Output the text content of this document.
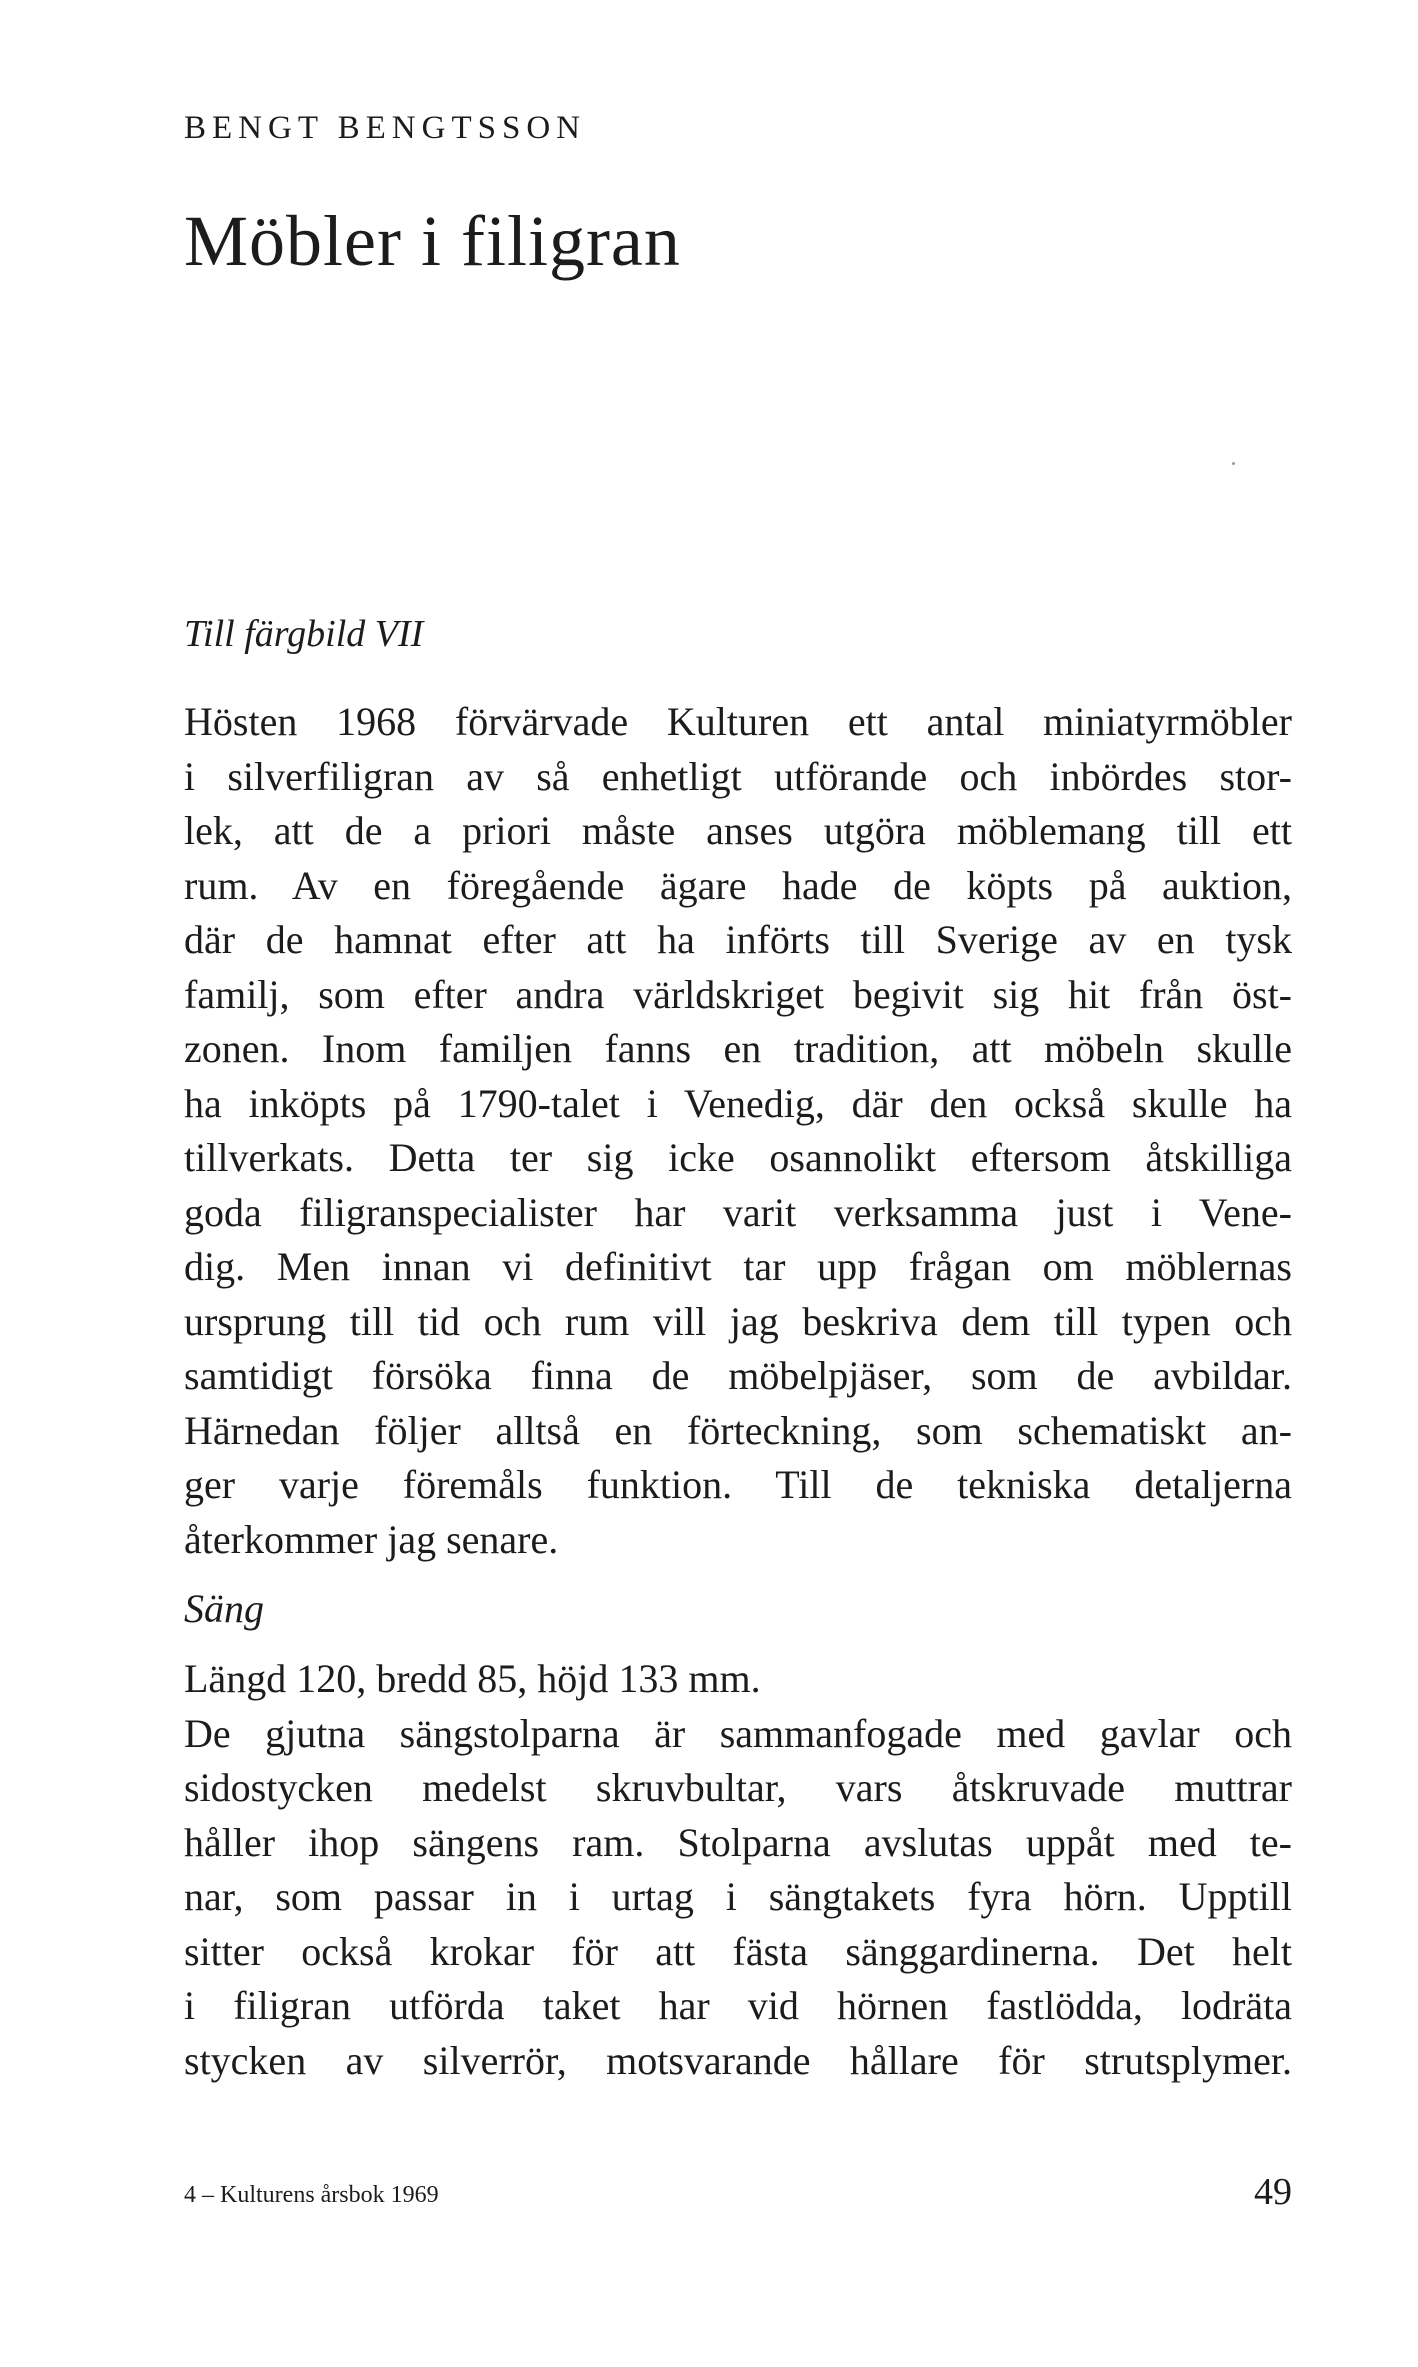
BENGT BENGTSSON
Möbler i filigran
Till färgbild VII
Hösten 1968 förvärvade Kulturen ett antal miniatyrmöbler
i silverfiligran av så enhetligt utförande och inbördes stor-
lek, att de a priori måste anses utgöra möblemang till ett
rum. Av en föregående ägare hade de köpts på auktion,
där de hamnat efter att ha införts till Sverige av en tysk
familj, som efter andra världskriget begivit sig hit från öst-
zonen. Inom familjen fanns en tradition, att möbeln skulle
ha inköpts på 1790-talet i Venedig, där den också skulle ha
tillverkats. Detta ter sig icke osannolikt eftersom åtskilliga
goda filigranspecialister har varit verksamma just i Vene-
dig. Men innan vi definitivt tar upp frågan om möblernas
ursprung till tid och rum vill jag beskriva dem till typen och
samtidigt försöka finna de möbelpjäser, som de avbildar.
Härnedan följer alltså en förteckning, som schematiskt an-
ger varje föremåls funktion. Till de tekniska detaljerna
återkommer jag senare.
Säng
Längd 120, bredd 85, höjd 133 mm.
De gjutna sängstolparna är sammanfogade med gavlar och
sidostycken medelst skruvbultar, vars åtskruvade muttrar
håller ihop sängens ram. Stolparna avslutas uppåt med te-
nar, som passar in i urtag i sängtakets fyra hörn. Upptill
sitter också krokar för att fästa sänggardinerna. Det helt
i filigran utförda taket har vid hörnen fastlödda, lodräta
stycken av silverrör, motsvarande hållare för strutsplymer.
4 – Kulturens årsbok 1969	49
